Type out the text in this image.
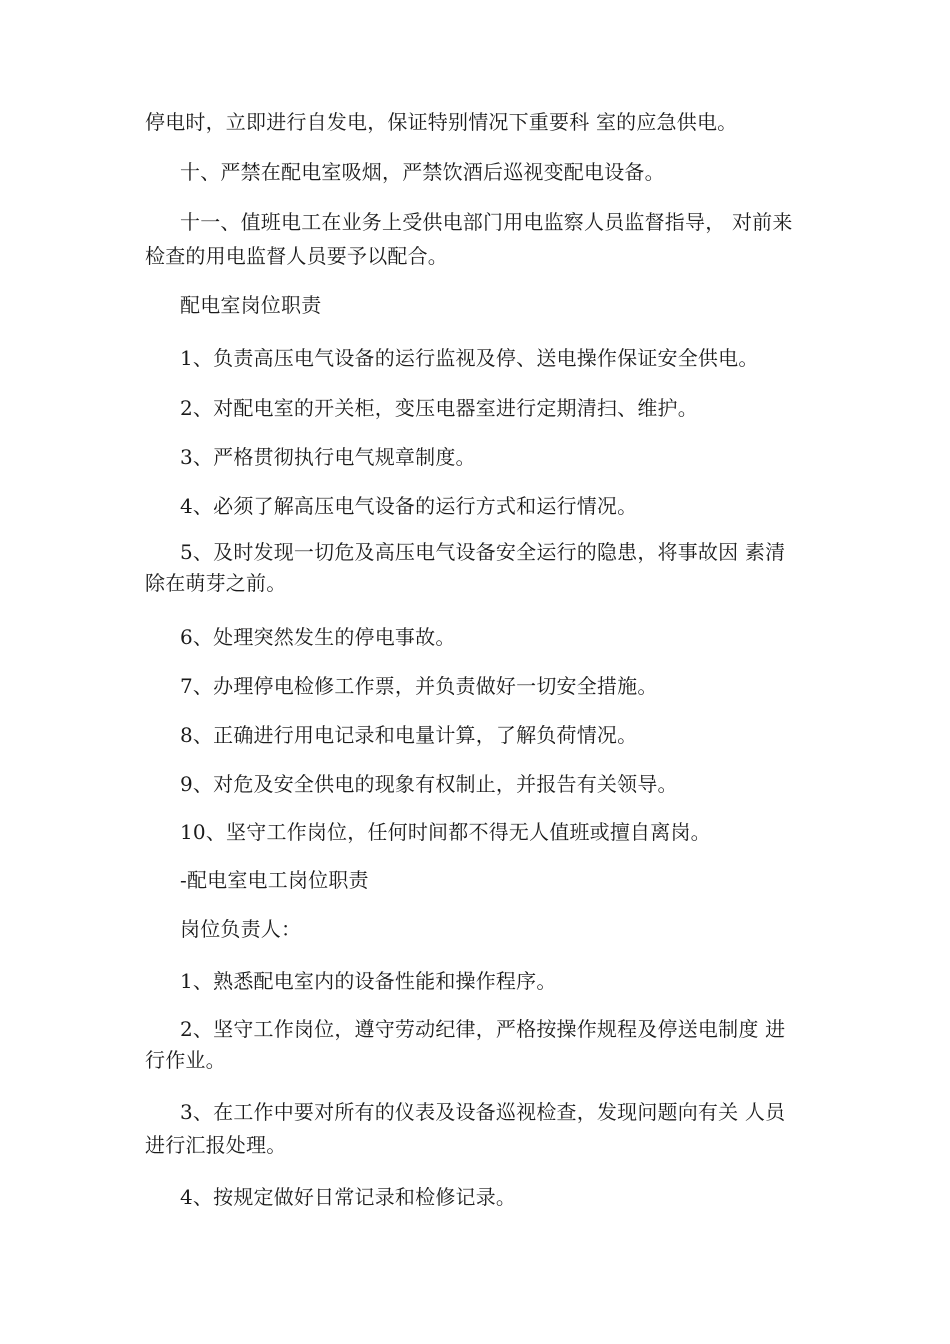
停电时，立即进行自发电，保证特别情况下重要科 室的应急供电。

十、严禁在配电室吸烟，严禁饮酒后巡视变配电设备。

十一、值班电工在业务上受供电部门用电监察人员监督指导， 对前来

检查的用电监督人员要予以配合。

配电室岗位职责

1、负责高压电气设备的运行监视及停、送电操作保证安全供电。

2、对配电室的开关柜，变压电器室进行定期清扫、维护。

3、严格贯彻执行电气规章制度。

4、必须了解高压电气设备的运行方式和运行情况。

5、及时发现一切危及高压电气设备安全运行的隐患，将事故因 素清

除在萌芽之前。

6、处理突然发生的停电事故。

7、办理停电检修工作票，并负责做好一切安全措施。

8、正确进行用电记录和电量计算，了解负荷情况。

9、对危及安全供电的现象有权制止，并报告有关领导。

10、坚守工作岗位，任何时间都不得无人值班或擅自离岗。

-配电室电工岗位职责

岗位负责人：

1、熟悉配电室内的设备性能和操作程序。

2、坚守工作岗位，遵守劳动纪律，严格按操作规程及停送电制度 进

行作业。

3、在工作中要对所有的仪表及设备巡视检查，发现问题向有关 人员

进行汇报处理。

4、按规定做好日常记录和检修记录。
